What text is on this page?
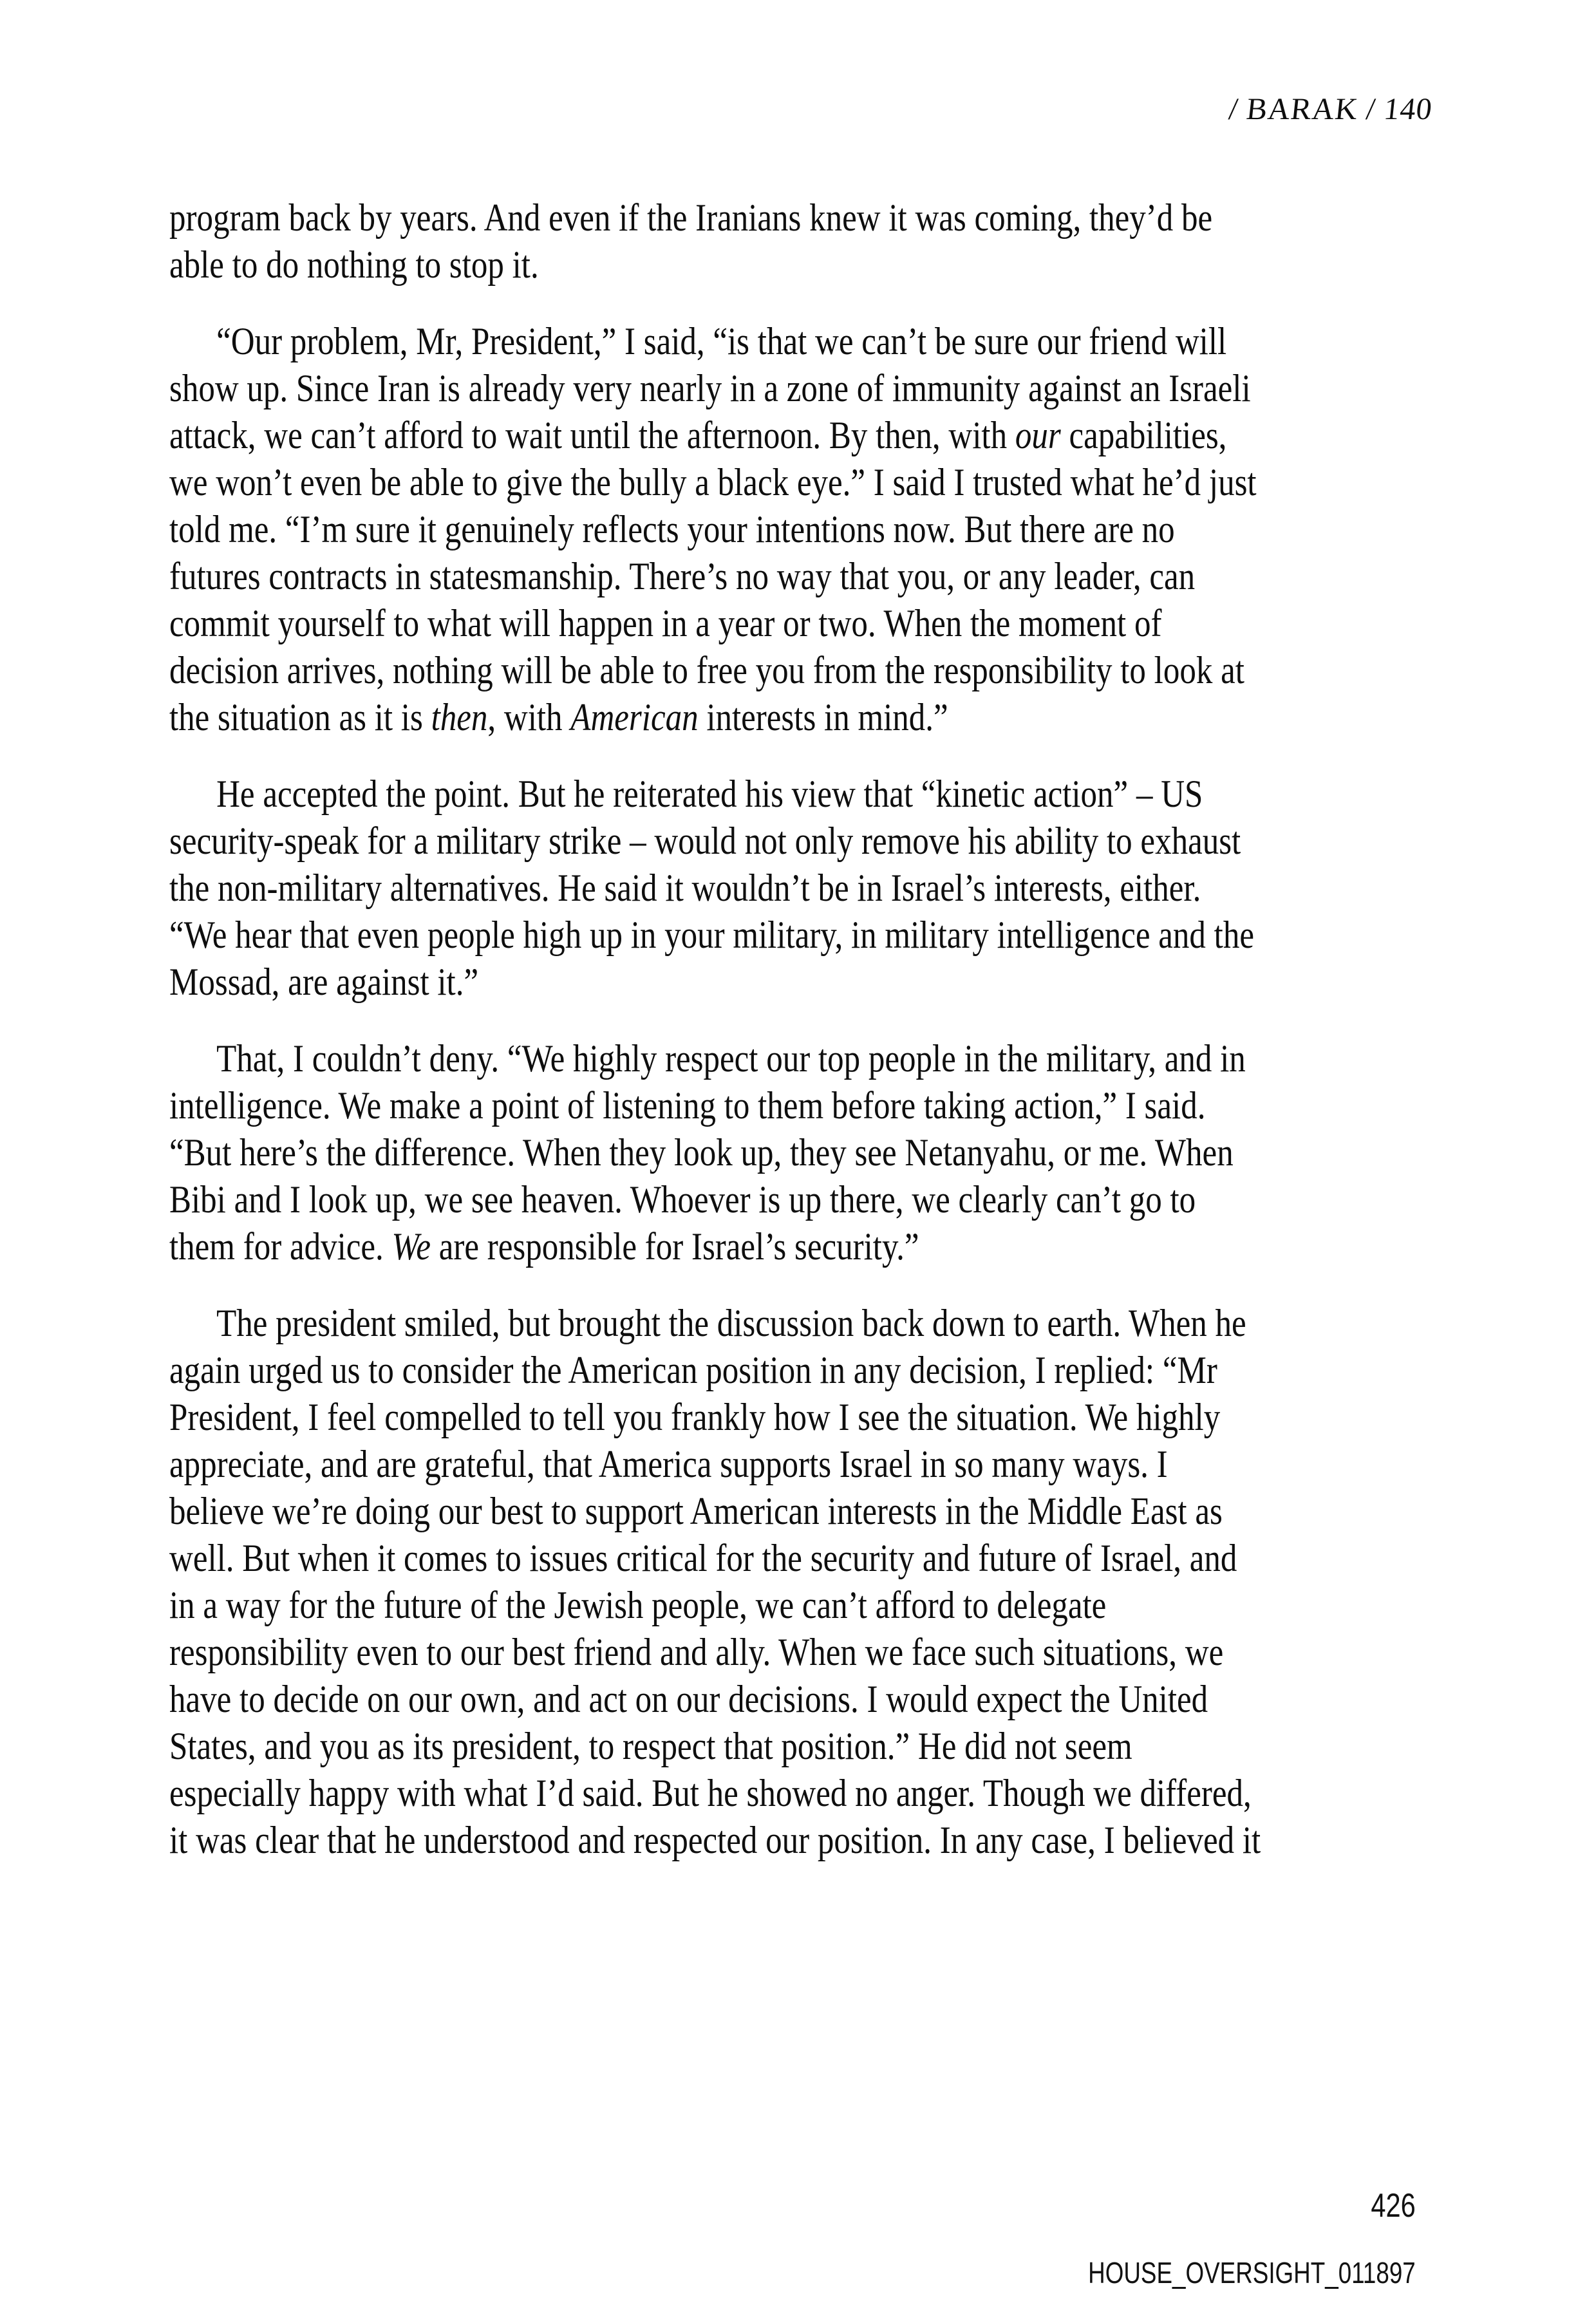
/ BARAK / 140
program back by years. And even if the Iranians knew it was coming, they’d be
able to do nothing to stop it.
“Our problem, Mr, President,” I said, “is that we can’t be sure our friend will
show up. Since Iran is already very nearly in a zone of immunity against an Israeli
attack, we can’t afford to wait until the afternoon. By then, with our capabilities,
we won’t even be able to give the bully a black eye.” I said I trusted what he’d just
told me. “I’m sure it genuinely reflects your intentions now. But there are no
futures contracts in statesmanship. There’s no way that you, or any leader, can
commit yourself to what will happen in a year or two. When the moment of
decision arrives, nothing will be able to free you from the responsibility to look at
the situation as it is then, with American interests in mind.”
He accepted the point. But he reiterated his view that “kinetic action” – US
security-speak for a military strike – would not only remove his ability to exhaust
the non-military alternatives. He said it wouldn’t be in Israel’s interests, either.
“We hear that even people high up in your military, in military intelligence and the
Mossad, are against it.”
That, I couldn’t deny. “We highly respect our top people in the military, and in
intelligence. We make a point of listening to them before taking action,” I said.
“But here’s the difference. When they look up, they see Netanyahu, or me. When
Bibi and I look up, we see heaven. Whoever is up there, we clearly can’t go to
them for advice. We are responsible for Israel’s security.”
The president smiled, but brought the discussion back down to earth. When he
again urged us to consider the American position in any decision, I replied: “Mr
President, I feel compelled to tell you frankly how I see the situation. We highly
appreciate, and are grateful, that America supports Israel in so many ways. I
believe we’re doing our best to support American interests in the Middle East as
well. But when it comes to issues critical for the security and future of Israel, and
in a way for the future of the Jewish people, we can’t afford to delegate
responsibility even to our best friend and ally. When we face such situations, we
have to decide on our own, and act on our decisions. I would expect the United
States, and you as its president, to respect that position.” He did not seem
especially happy with what I’d said. But he showed no anger. Though we differed,
it was clear that he understood and respected our position. In any case, I believed it
426
HOUSE_OVERSIGHT_011897
